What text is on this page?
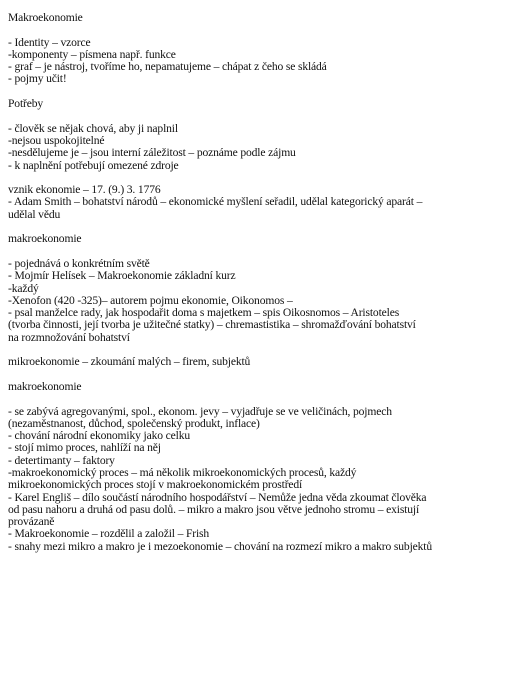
Makroekonomie
- Identity – vzorce
-komponenty – písmena např. funkce
- graf – je nástroj, tvoříme ho, nepamatujeme – chápat z čeho se skládá
- pojmy učit!
Potřeby
- člověk se nějak chová, aby ji naplnil
-nejsou uspokojitelné
-nesdělujeme je – jsou interní záležitost – poznáme podle zájmu
- k naplnění potřebují omezené zdroje
vznik ekonomie – 17. (9.) 3. 1776
- Adam Smith – bohatství národů – ekonomické myšlení seřadil, udělal kategorický aparát –
udělal vědu
makroekonomie
- pojednává o konkrétním světě
- Mojmír Helísek – Makroekonomie základní kurz
-každý
-Xenofon (420 -325)– autorem pojmu ekonomie, Oikonomos –
- psal manželce rady, jak hospodařit doma s majetkem – spis Oikosnomos – Aristoteles
(tvorba činnosti, její tvorba je užitečné statky) – chremastistika – shromažďování bohatství
na rozmnožování bohatství
mikroekonomie – zkoumání malých – firem, subjektů
makroekonomie
- se zabývá agregovanými, spol., ekonom. jevy – vyjadřuje se ve veličinách, pojmech
(nezaměstnanost, důchod, společenský produkt, inflace)
- chování národní ekonomiky jako celku
- stojí mimo proces, nahlíží na něj
- detertimanty – faktory
-makroekonomický proces – má několik mikroekonomických procesů, každý
mikroekonomických proces stojí v makroekonomickém prostředí
- Karel Engliš – dílo součástí národního hospodářství – Nemůže jedna věda zkoumat člověka
od pasu nahoru a druhá od pasu dolů. – mikro a makro jsou větve jednoho stromu – existují
provázaně
- Makroekonomie – rozdělil a založil – Frish
- snahy mezi mikro a makro je i mezoekonomie – chování na rozmezí mikro a makro subjektů
